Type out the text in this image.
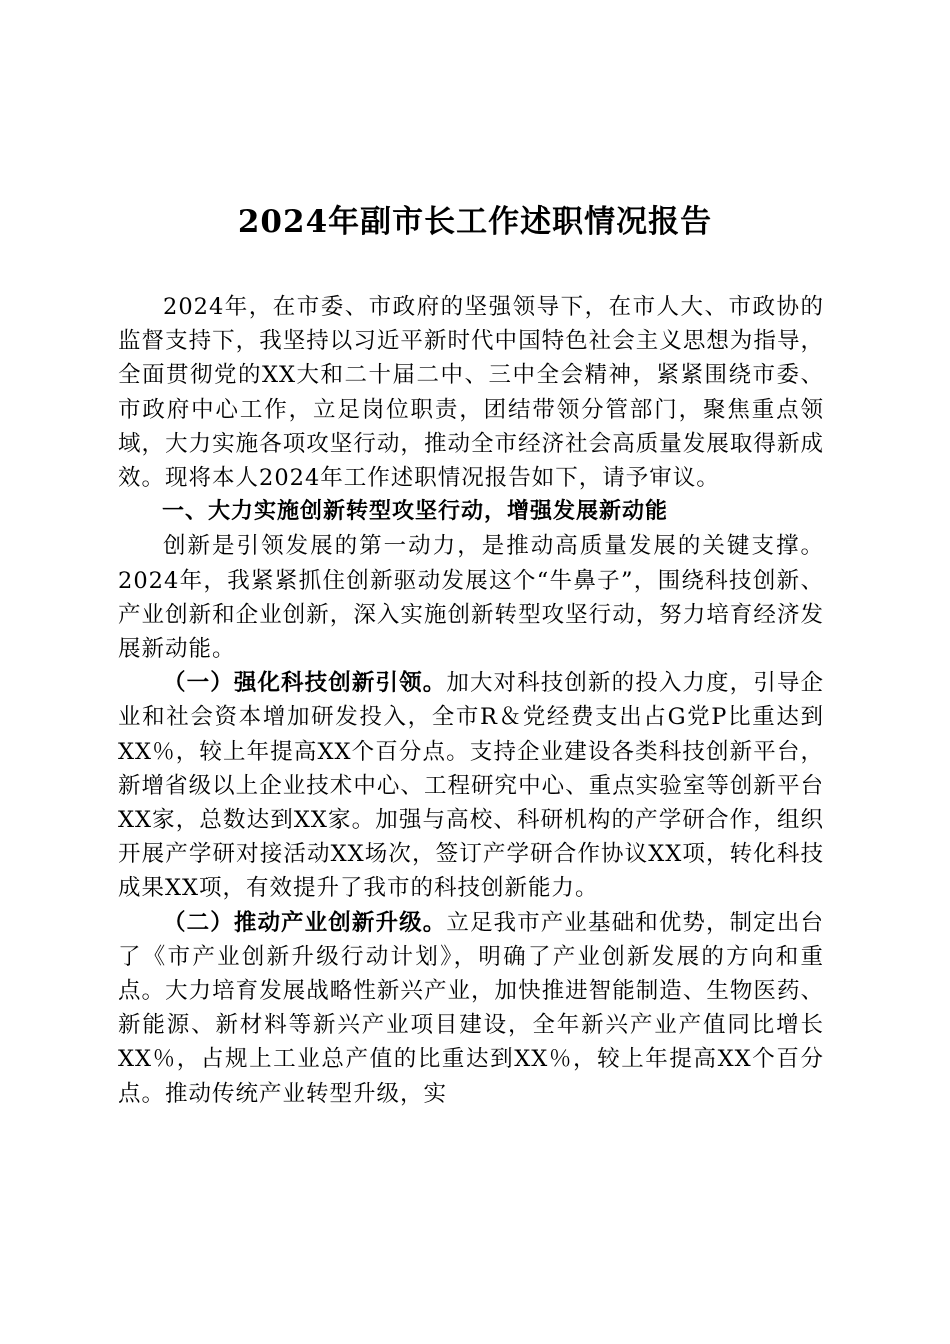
2024年副市长工作述职情况报告

2024年，在市委、市政府的坚强领导下，在市人大、市政协的监督支持下，我坚持以习近平新时代中国特色社会主义思想为指导，全面贯彻党的XX大和二十届二中、三中全会精神，紧紧围绕市委、市政府中心工作，立足岗位职责，团结带领分管部门，聚焦重点领域，大力实施各项攻坚行动，推动全市经济社会高质量发展取得新成效。现将本人2024年工作述职情况报告如下，请予审议。

一、大力实施创新转型攻坚行动，增强发展新动能

创新是引领发展的第一动力，是推动高质量发展的关键支撑。2024年，我紧紧抓住创新驱动发展这个“牛鼻子”，围绕科技创新、产业创新和企业创新，深入实施创新转型攻坚行动，努力培育经济发展新动能。

（一）强化科技创新引领。加大对科技创新的投入力度，引导企业和社会资本增加研发投入，全市R＆党经费支出占G党P比重达到XX％，较上年提高XX个百分点。支持企业建设各类科技创新平台，新增省级以上企业技术中心、工程研究中心、重点实验室等创新平台XX家，总数达到XX家。加强与高校、科研机构的产学研合作，组织开展产学研对接活动XX场次，签订产学研合作协议XX项，转化科技成果XX项，有效提升了我市的科技创新能力。

（二）推动产业创新升级。立足我市产业基础和优势，制定出台了《市产业创新升级行动计划》，明确了产业创新发展的方向和重点。大力培育发展战略性新兴产业，加快推进智能制造、生物医药、新能源、新材料等新兴产业项目建设，全年新兴产业产值同比增长XX％，占规上工业总产值的比重达到XX％，较上年提高XX个百分点。推动传统产业转型升级，实
